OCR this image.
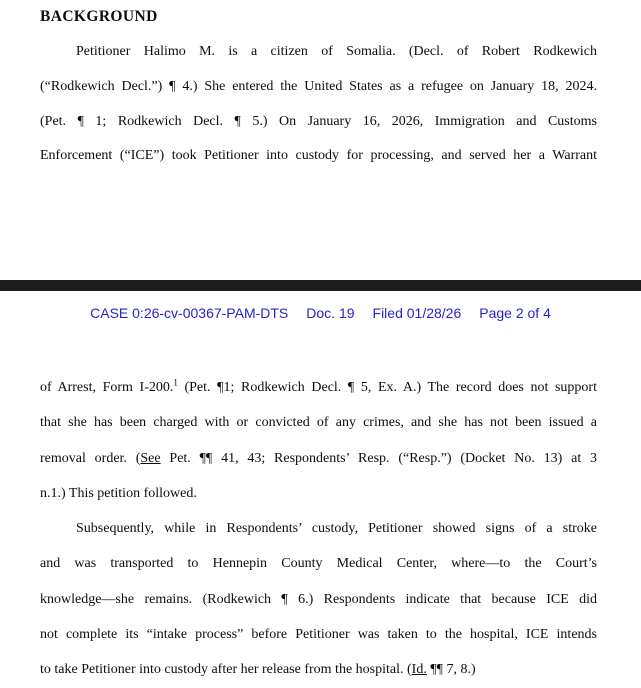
BACKGROUND
Petitioner Halimo M. is a citizen of Somalia. (Decl. of Robert Rodkewich
(“Rodkewich Decl.”) ¶ 4.) She entered the United States as a refugee on January 18, 2024.
(Pet. ¶ 1; Rodkewich Decl. ¶ 5.) On January 16, 2026, Immigration and Customs
Enforcement (“ICE”) took Petitioner into custody for processing, and served her a Warrant
CASE 0:26-cv-00367-PAM-DTS Doc. 19 Filed 01/28/26 Page 2 of 4
of Arrest, Form I-200.$^1$ (Pet. ¶1; Rodkewich Decl. ¶ 5, Ex. A.) The record does not support
that she has been charged with or convicted of any crimes, and she has not been issued a
removal order. (See Pet. ¶¶ 41, 43; Respondents’ Resp. (“Resp.”) (Docket No. 13) at 3
n.1.) This petition followed.
Subsequently, while in Respondents’ custody, Petitioner showed signs of a stroke
and was transported to Hennepin County Medical Center, where—to the Court’s
knowledge—she remains. (Rodkewich ¶ 6.) Respondents indicate that because ICE did
not complete its “intake process” before Petitioner was taken to the hospital, ICE intends
to take Petitioner into custody after her release from the hospital. (Id. ¶¶ 7, 8.)
